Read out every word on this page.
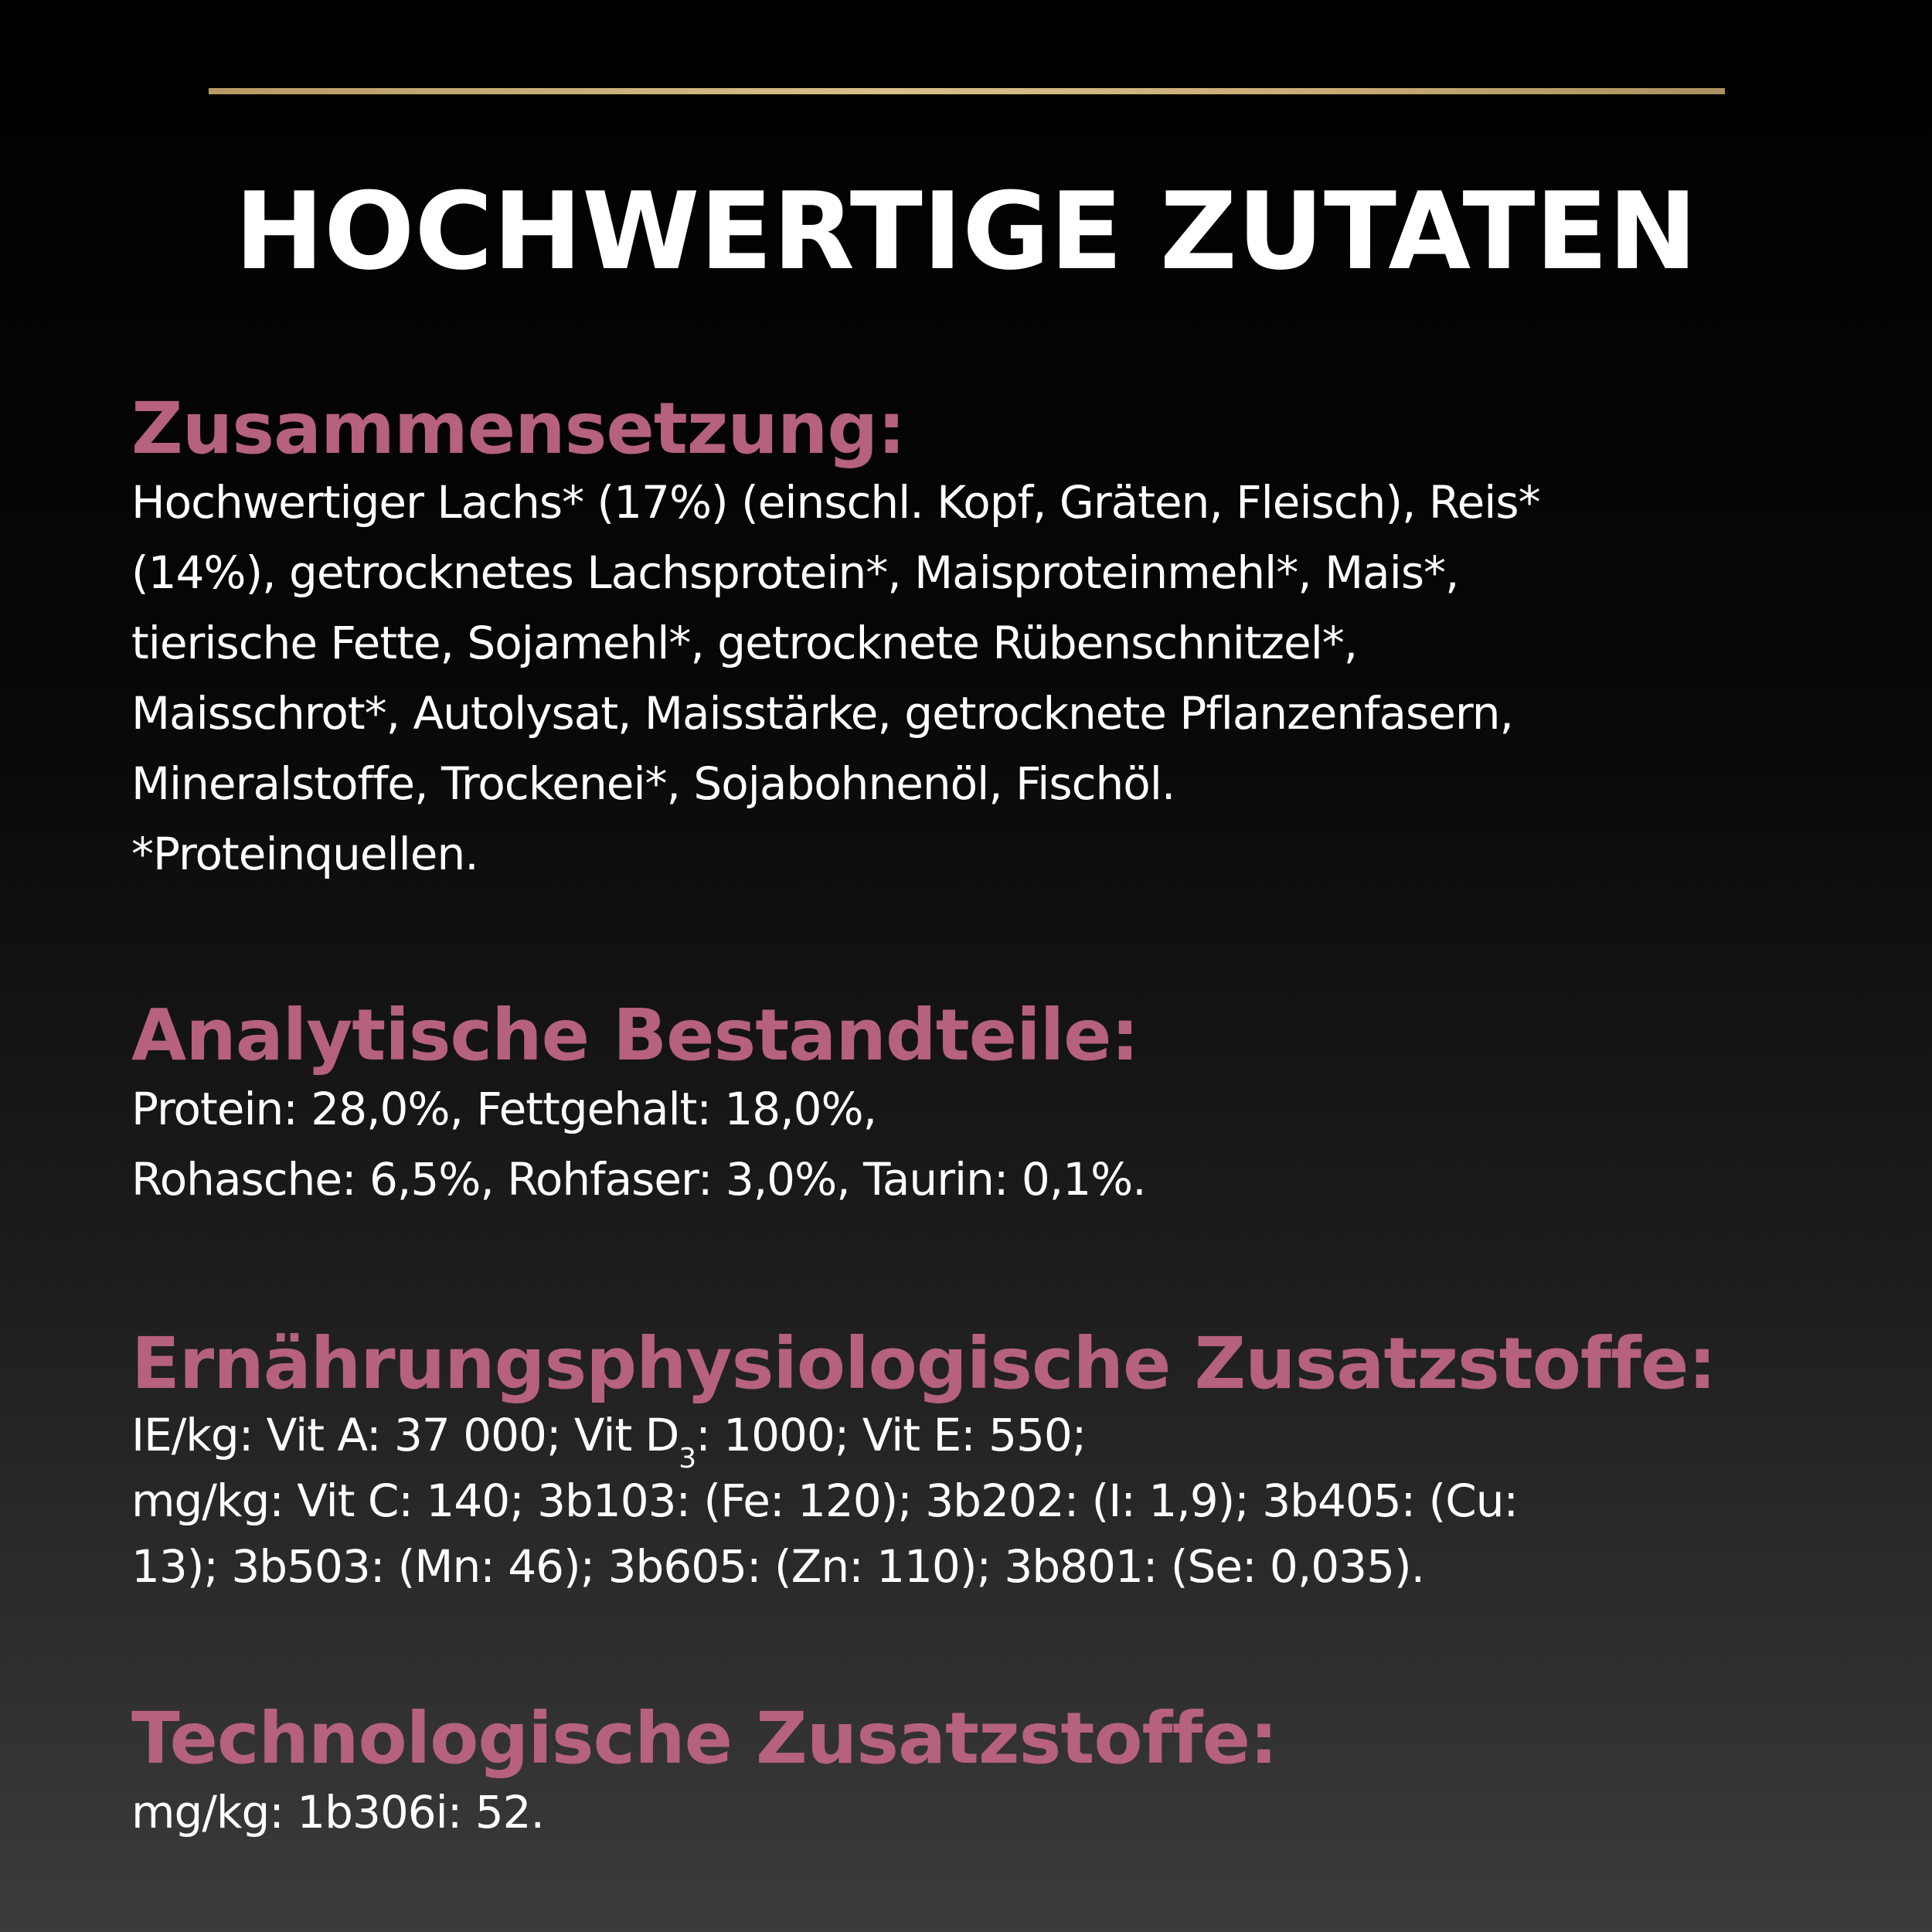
HOCHWERTIGE ZUTATEN
Zusammensetzung:
Hochwertiger Lachs* (17%) (einschl. Kopf, Gräten, Fleisch), Reis*
(14%), getrocknetes Lachsprotein*, Maisproteinmehl*, Mais*,
tierische Fette, Sojamehl*, getrocknete Rübenschnitzel*,
Maisschrot*, Autolysat, Maisstärke, getrocknete Pflanzenfasern,
Mineralstoffe, Trockenei*, Sojabohnenöl, Fischöl.
*Proteinquellen.
Analytische Bestandteile:
Protein: 28,0%, Fettgehalt: 18,0%,
Rohasche: 6,5%, Rohfaser: 3,0%, Taurin: 0,1%.
Ernährungsphysiologische Zusatzstoffe:
IE/kg: Vit A: 37 000; Vit $D_3$: 1000; Vit E: 550;
mg/kg: Vit C: 140; 3b103: (Fe: 120); 3b202: (I: 1,9); 3b405: (Cu:
13); 3b503: (Mn: 46); 3b605: (Zn: 110); 3b801: (Se: 0,035).
Technologische Zusatzstoffe:
mg/kg: 1b306i: 52.
